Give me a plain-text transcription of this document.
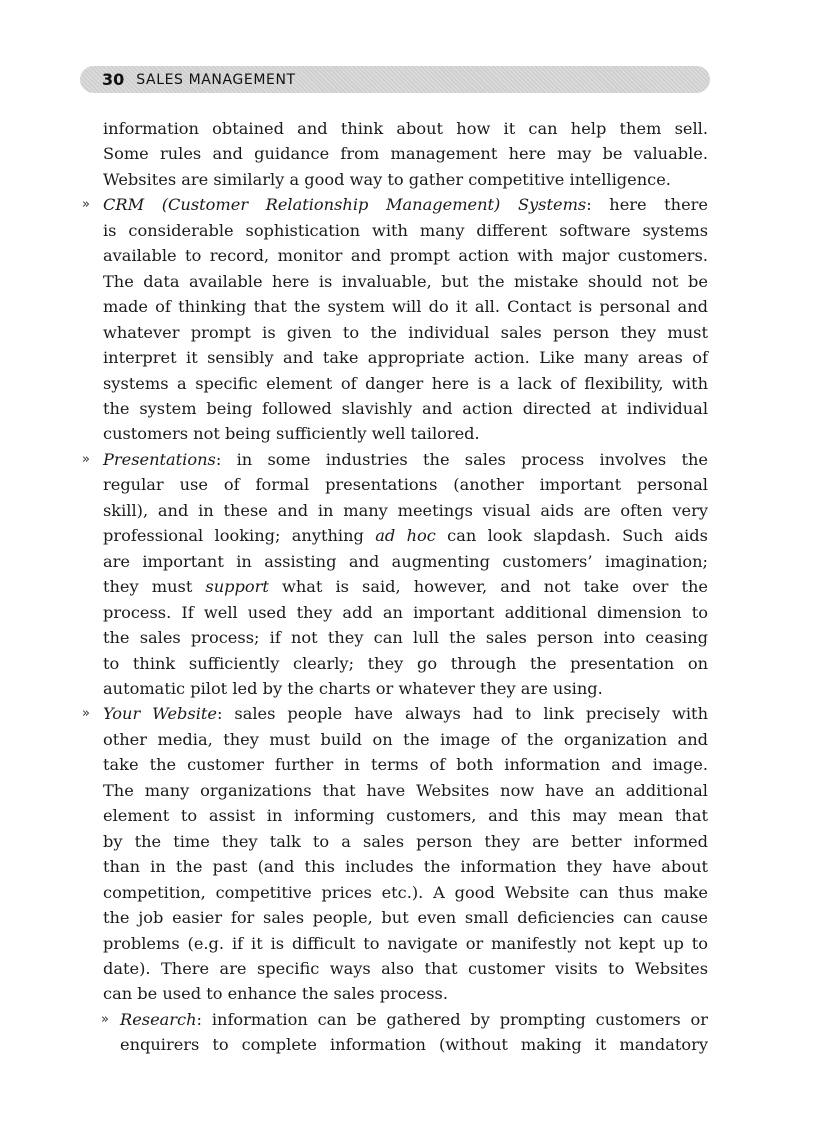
30 SALES MANAGEMENT
information obtained and think about how it can help them sell.
Some rules and guidance from management here may be valuable.
Websites are similarly a good way to gather competitive intelligence.
» CRM (Customer Relationship Management) Systems: here there
is considerable sophistication with many different software systems
available to record, monitor and prompt action with major customers.
The data available here is invaluable, but the mistake should not be
made of thinking that the system will do it all. Contact is personal and
whatever prompt is given to the individual sales person they must
interpret it sensibly and take appropriate action. Like many areas of
systems a specific element of danger here is a lack of flexibility, with
the system being followed slavishly and action directed at individual
customers not being sufficiently well tailored.
» Presentations: in some industries the sales process involves the
regular use of formal presentations (another important personal
skill), and in these and in many meetings visual aids are often very
professional looking; anything ad hoc can look slapdash. Such aids
are important in assisting and augmenting customers’ imagination;
they must support what is said, however, and not take over the
process. If well used they add an important additional dimension to
the sales process; if not they can lull the sales person into ceasing
to think sufficiently clearly; they go through the presentation on
automatic pilot led by the charts or whatever they are using.
» Your Website: sales people have always had to link precisely with
other media, they must build on the image of the organization and
take the customer further in terms of both information and image.
The many organizations that have Websites now have an additional
element to assist in informing customers, and this may mean that
by the time they talk to a sales person they are better informed
than in the past (and this includes the information they have about
competition, competitive prices etc.). A good Website can thus make
the job easier for sales people, but even small deficiencies can cause
problems (e.g. if it is difficult to navigate or manifestly not kept up to
date). There are specific ways also that customer visits to Websites
can be used to enhance the sales process.
» Research: information can be gathered by prompting customers or
enquirers to complete information (without making it mandatory
